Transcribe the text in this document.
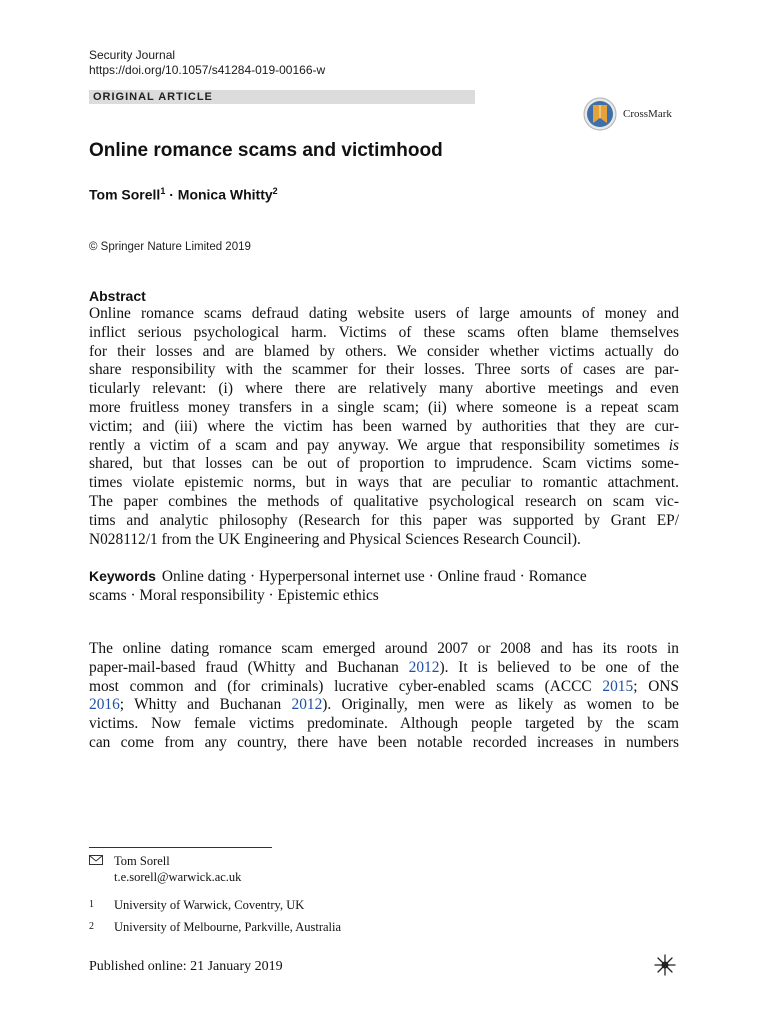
Security Journal
https://doi.org/10.1057/s41284-019-00166-w
ORIGINAL ARTICLE
CrossMark
Online romance scams and victimhood
Tom Sorell$^1$ · Monica Whitty$^2$
© Springer Nature Limited 2019
Abstract
Online romance scams defraud dating website users of large amounts of money and
inflict serious psychological harm. Victims of these scams often blame themselves
for their losses and are blamed by others. We consider whether victims actually do
share responsibility with the scammer for their losses. Three sorts of cases are par-
ticularly relevant: (i) where there are relatively many abortive meetings and even
more fruitless money transfers in a single scam; (ii) where someone is a repeat scam
victim; and (iii) where the victim has been warned by authorities that they are cur-
rently a victim of a scam and pay anyway. We argue that responsibility sometimes is
shared, but that losses can be out of proportion to imprudence. Scam victims some-
times violate epistemic norms, but in ways that are peculiar to romantic attachment.
The paper combines the methods of qualitative psychological research on scam vic-
tims and analytic philosophy (Research for this paper was supported by Grant EP/
N028112/1 from the UK Engineering and Physical Sciences Research Council).
Keywords Online dating · Hyperpersonal internet use · Online fraud · Romance
scams · Moral responsibility · Epistemic ethics
The online dating romance scam emerged around 2007 or 2008 and has its roots in
paper-mail-based fraud (Whitty and Buchanan 2012). It is believed to be one of the
most common and (for criminals) lucrative cyber-enabled scams (ACCC 2015; ONS
2016; Whitty and Buchanan 2012). Originally, men were as likely as women to be
victims. Now female victims predominate. Although people targeted by the scam
can come from any country, there have been notable recorded increases in numbers
Tom Sorell
t.e.sorell@warwick.ac.uk
1	University of Warwick, Coventry, UK
2	University of Melbourne, Parkville, Australia
Published online: 21 January 2019
